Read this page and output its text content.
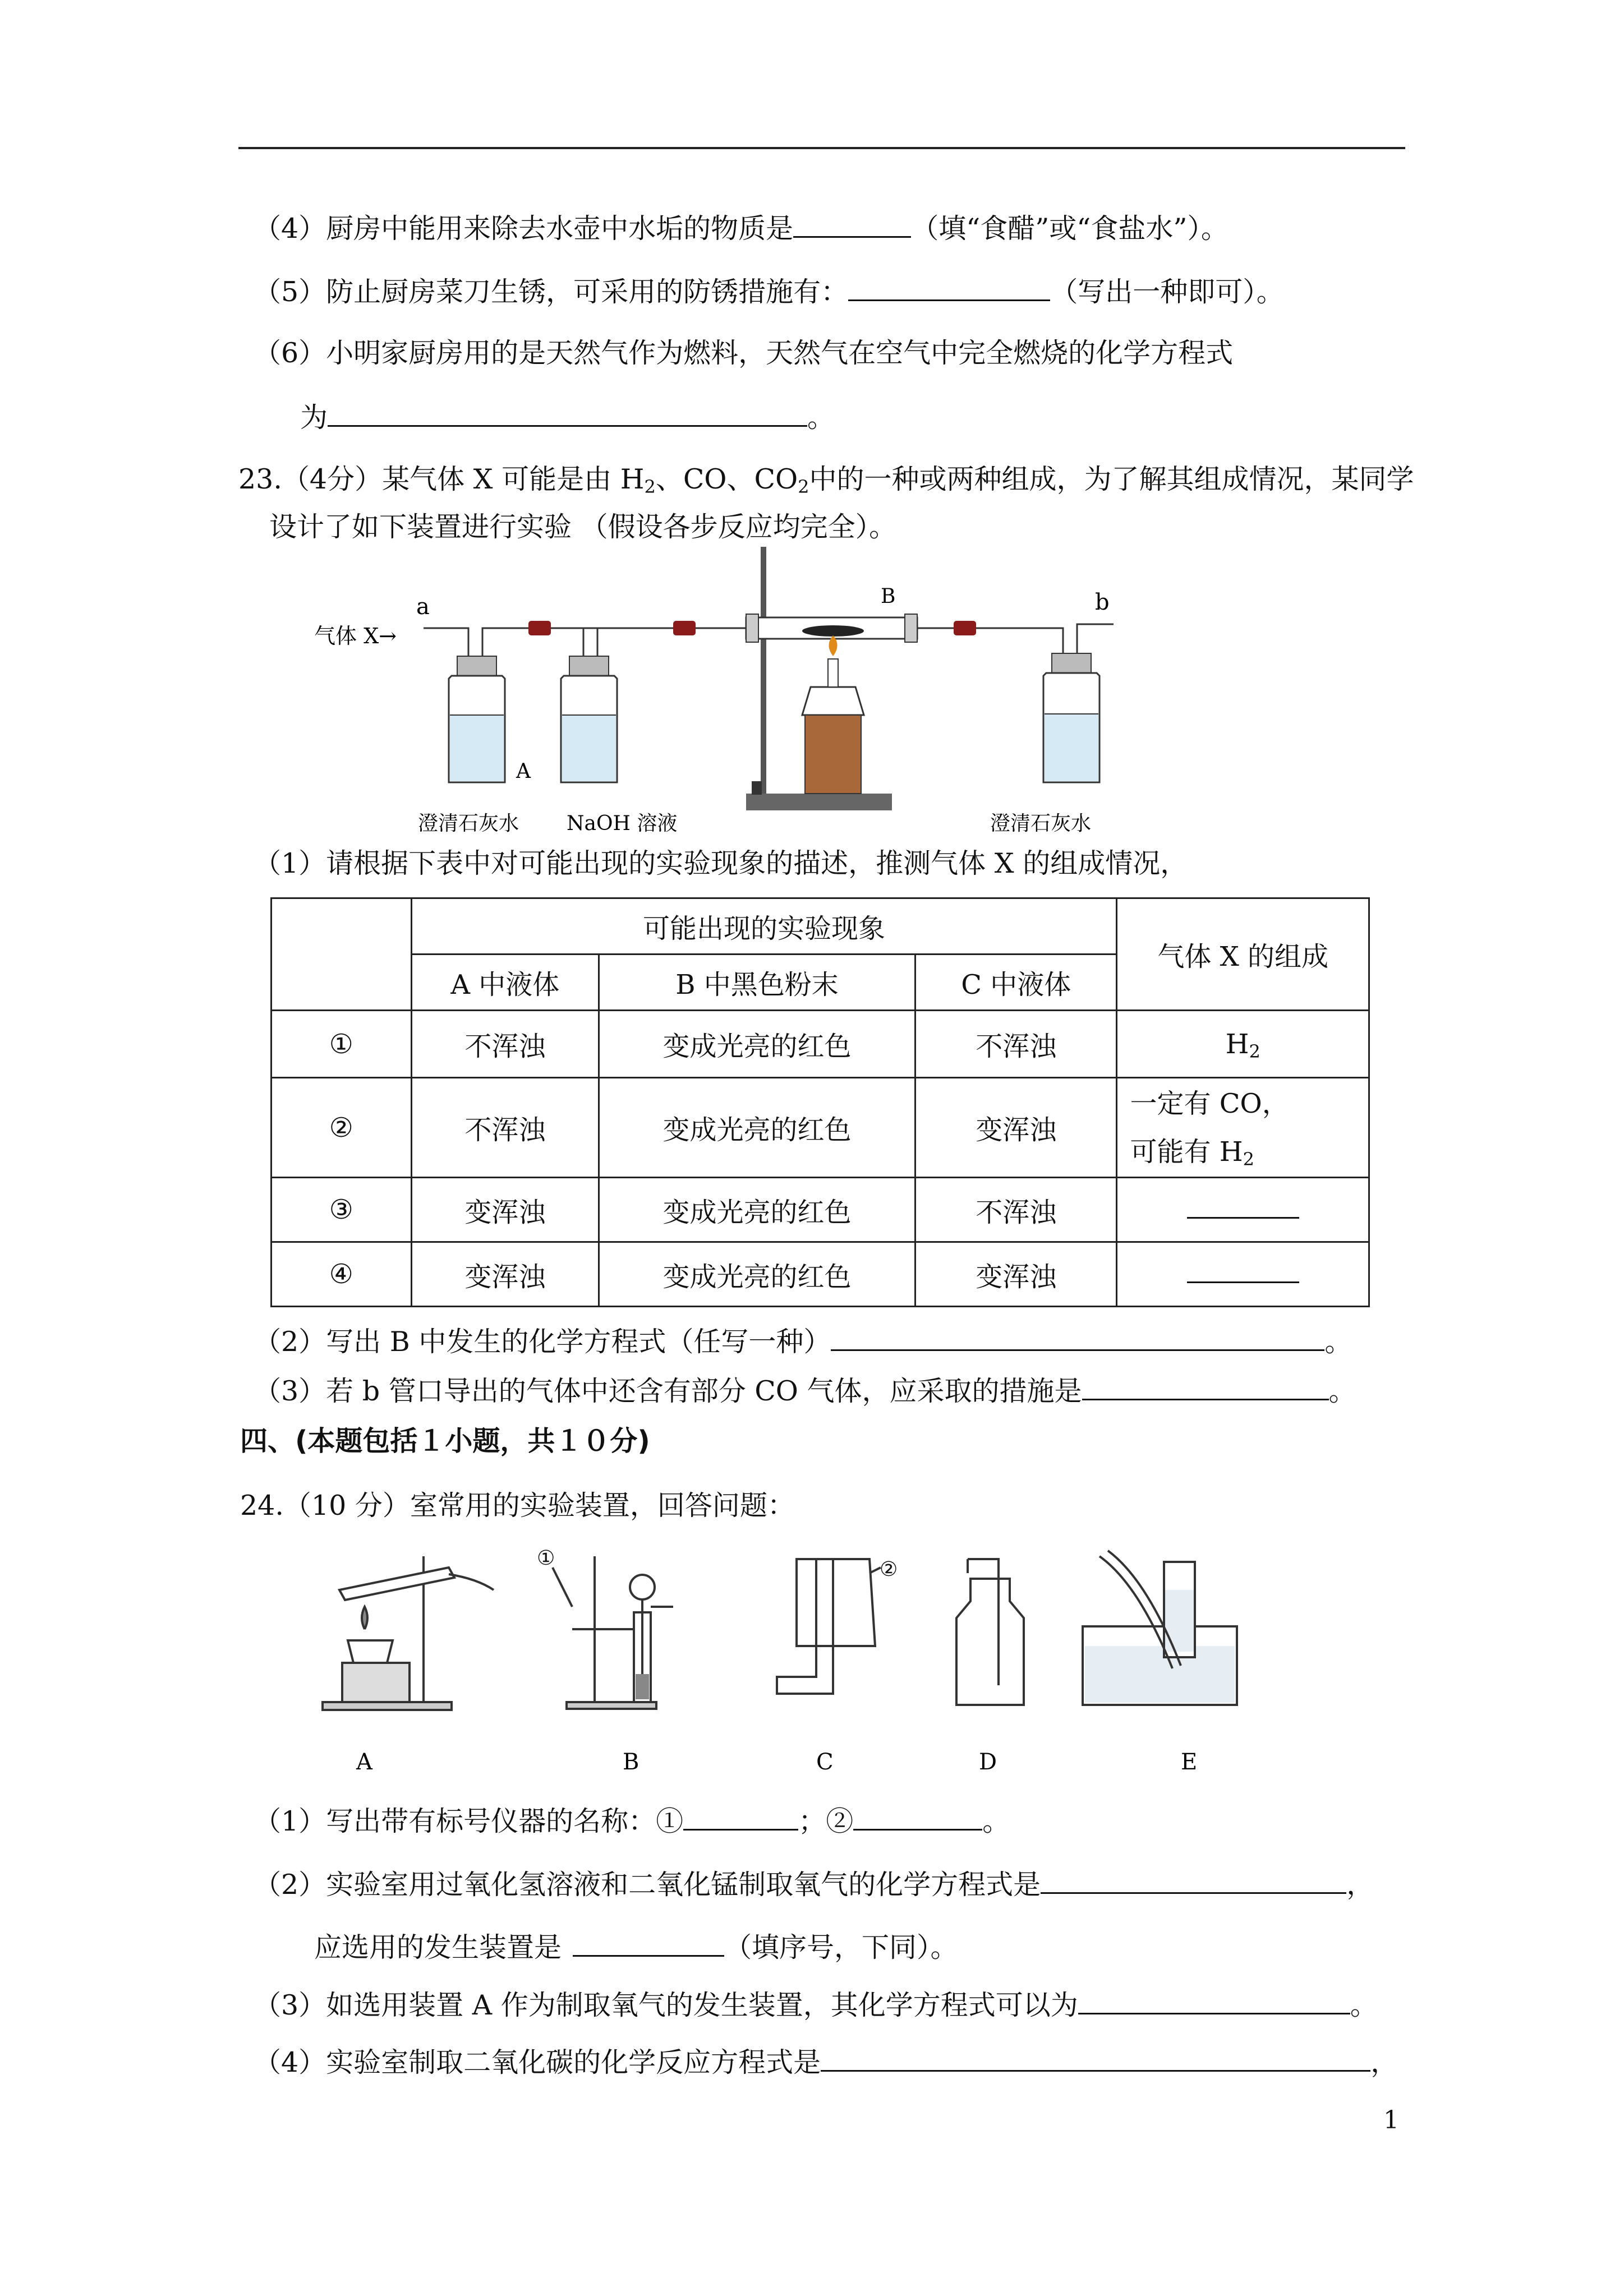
（4）厨房中能用来除去水壶中水垢的物质是	（填“食醋”或“食盐水”）。
（5）防止厨房菜刀生锈，可采用的防锈措施有：	（写出一种即可）。
（6）小明家厨房用的是天然气作为燃料，天然气在空气中完全燃烧的化学方程式
为	。
23.（4分）某气体 X 可能是由 $H_2$、CO、$CO_2$中的一种或两种组成，为了解其组成情况，某同学
设计了如下装置进行实验 （假设各步反应均完全）。
气体 X→
a	b
B
A
澄清石灰水 NaOH 溶液	澄清石灰水
（1）请根据下表中对可能出现的实验现象的描述，推测气体 X 的组成情况，
	可能出现的实验现象			气体 X 的组成
	A 中液体	B 中黑色粉末	C 中液体	
①	不浑浊	变成光亮的红色	不浑浊	$H_2$
②	不浑浊	变成光亮的红色	变浑浊	一定有 CO，
可能有 $H_2$
③	变浑浊	变成光亮的红色	不浑浊	
④	变浑浊	变成光亮的红色	变浑浊	
（2）写出 B 中发生的化学方程式（任写一种）	。
（3）若 b 管口导出的气体中还含有部分 CO 气体，应采取的措施是	。
四、(本题包括１小题，共１０分)
24.（10 分）室常用的实验装置，回答问题：
A
①
B
②
C	D	E
（1）写出带有标号仪器的名称：①	；②	。
（2）实验室用过氧化氢溶液和二氧化锰制取氧气的化学方程式是	，
应选用的发生装置是	（填序号，下同）。
（3）如选用装置 A 作为制取氧气的发生装置，其化学方程式可以为	。
（4）实验室制取二氧化碳的化学反应方程式是	，
1
